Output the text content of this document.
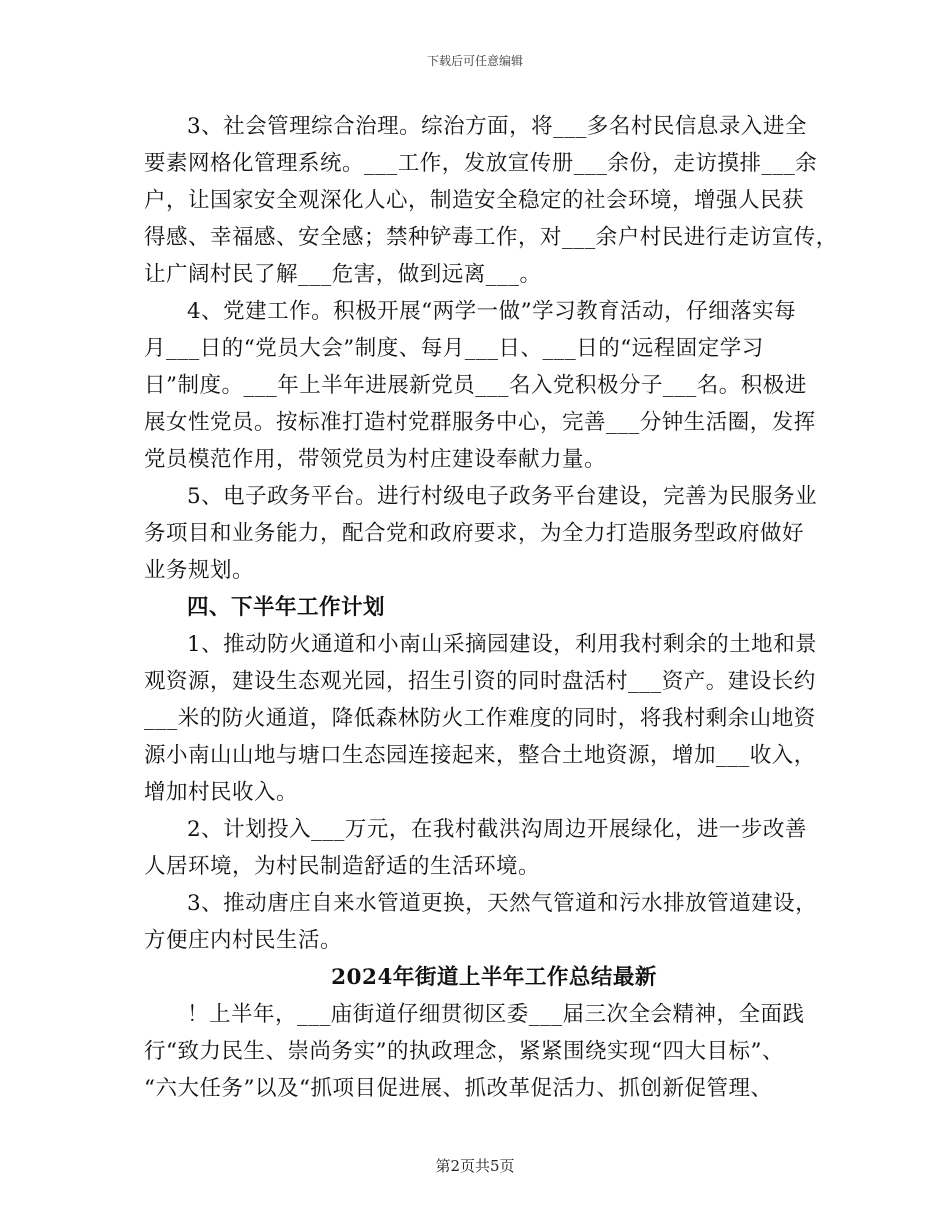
下载后可任意编辑
3、社会管理综合治理。综治方面，将___多名村民信息录入进全
要素网格化管理系统。___工作，发放宣传册___余份，走访摸排___余
户，让国家安全观深化人心，制造安全稳定的社会环境，增强人民获
得感、幸福感、安全感；禁种铲毒工作，对___余户村民进行走访宣传，
让广阔村民了解___危害，做到远离___。
4、党建工作。积极开展“两学一做”学习教育活动，仔细落实每
月___日的“党员大会”制度、每月___日、___日的“远程固定学习
日”制度。___年上半年进展新党员___名入党积极分子___名。积极进
展女性党员。按标准打造村党群服务中心，完善___分钟生活圈，发挥
党员模范作用，带领党员为村庄建设奉献力量。
5、电子政务平台。进行村级电子政务平台建设，完善为民服务业
务项目和业务能力，配合党和政府要求，为全力打造服务型政府做好
业务规划。
四、下半年工作计划
1、推动防火通道和小南山采摘园建设，利用我村剩余的土地和景
观资源，建设生态观光园，招生引资的同时盘活村___资产。建设长约
___米的防火通道，降低森林防火工作难度的同时，将我村剩余山地资
源小南山山地与塘口生态园连接起来，整合土地资源，增加___收入，
增加村民收入。
2、计划投入___万元，在我村截洪沟周边开展绿化，进一步改善
人居环境，为村民制造舒适的生活环境。
3、推动唐庄自来水管道更换，天然气管道和污水排放管道建设，
方便庄内村民生活。
2024年街道上半年工作总结最新
！上半年，___庙街道仔细贯彻区委___届三次全会精神，全面践
行“致力民生、崇尚务实”的执政理念，紧紧围绕实现“四大目标”、
“六大任务”以及“抓项目促进展、抓改革促活力、抓创新促管理、
第2页共5页
